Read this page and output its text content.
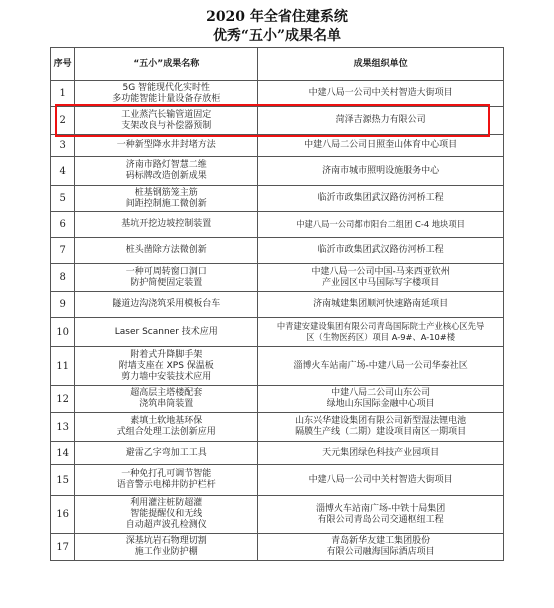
2020 年全省住建系统
优秀“五小”成果名单
序号	“五小”成果名称	成果组织单位
1	5G 智能现代化实时性
多功能智能计量设备存放柜	中建八局一公司中关村智造大街项目

2	工业蒸汽长输管道固定
支架改良与补偿器预制	菏泽吉源热力有限公司

3	一种新型降水井封堵方法	中建八局二公司日照奎山体育中心项目

4	济南市路灯智慧二维
码标牌改造创新成果	济南市城市照明设施服务中心

5	桩基钢筋笼主筋
间距控制施工微创新	临沂市政集团武汉路彷河桥工程

6	基坑开挖边坡控制装置	中建八局一公司都市阳台二组团 C-4 地块项目

7	桩头凿除方法微创新	临沂市政集团武汉路彷河桥工程

8	一种可周转窗口洞口
防护简便固定装置	中建八局一公司中国-马来西亚钦州
产业园区中马国际写字楼项目

9	隧道边沟浇筑采用模板台车	济南城建集团顺河快速路南延项目

10	Laser Scanner 技术应用	中青建安建设集团有限公司青岛国际院士产业核心区先导
区（生物医药区）项目 A-9#、A-10#楼

11	附着式升降脚手架
附墙支座在 XPS 保温板
剪力墙中安装技术应用	淄博火车站南广场-中建八局一公司华泰社区

12	超高层主塔楼配套
浇筑串筒装置	中建八局二公司山东公司
绿地山东国际金融中心项目

13	素填土软地基环保
式组合处理工法创新应用	山东兴华建设集团有限公司新型湿法锂电池
隔膜生产线（二期）建设项目南区一期项目

14	避雷乙字弯加工工具	天元集团绿色科技产业园项目

15	一种免打孔可调节智能
语音警示电梯井防护栏杆	中建八局一公司中关村智造大街项目

16	利用灌注桩防超灌
智能提醒仪和无线
自动超声波孔检测仪	淄博火车站南广场-中铁十局集团
有限公司青岛公司交通枢纽工程

17	深基坑岩石物理切割
施工作业防护棚	青岛新华友建工集团股份
有限公司融海国际酒店项目
